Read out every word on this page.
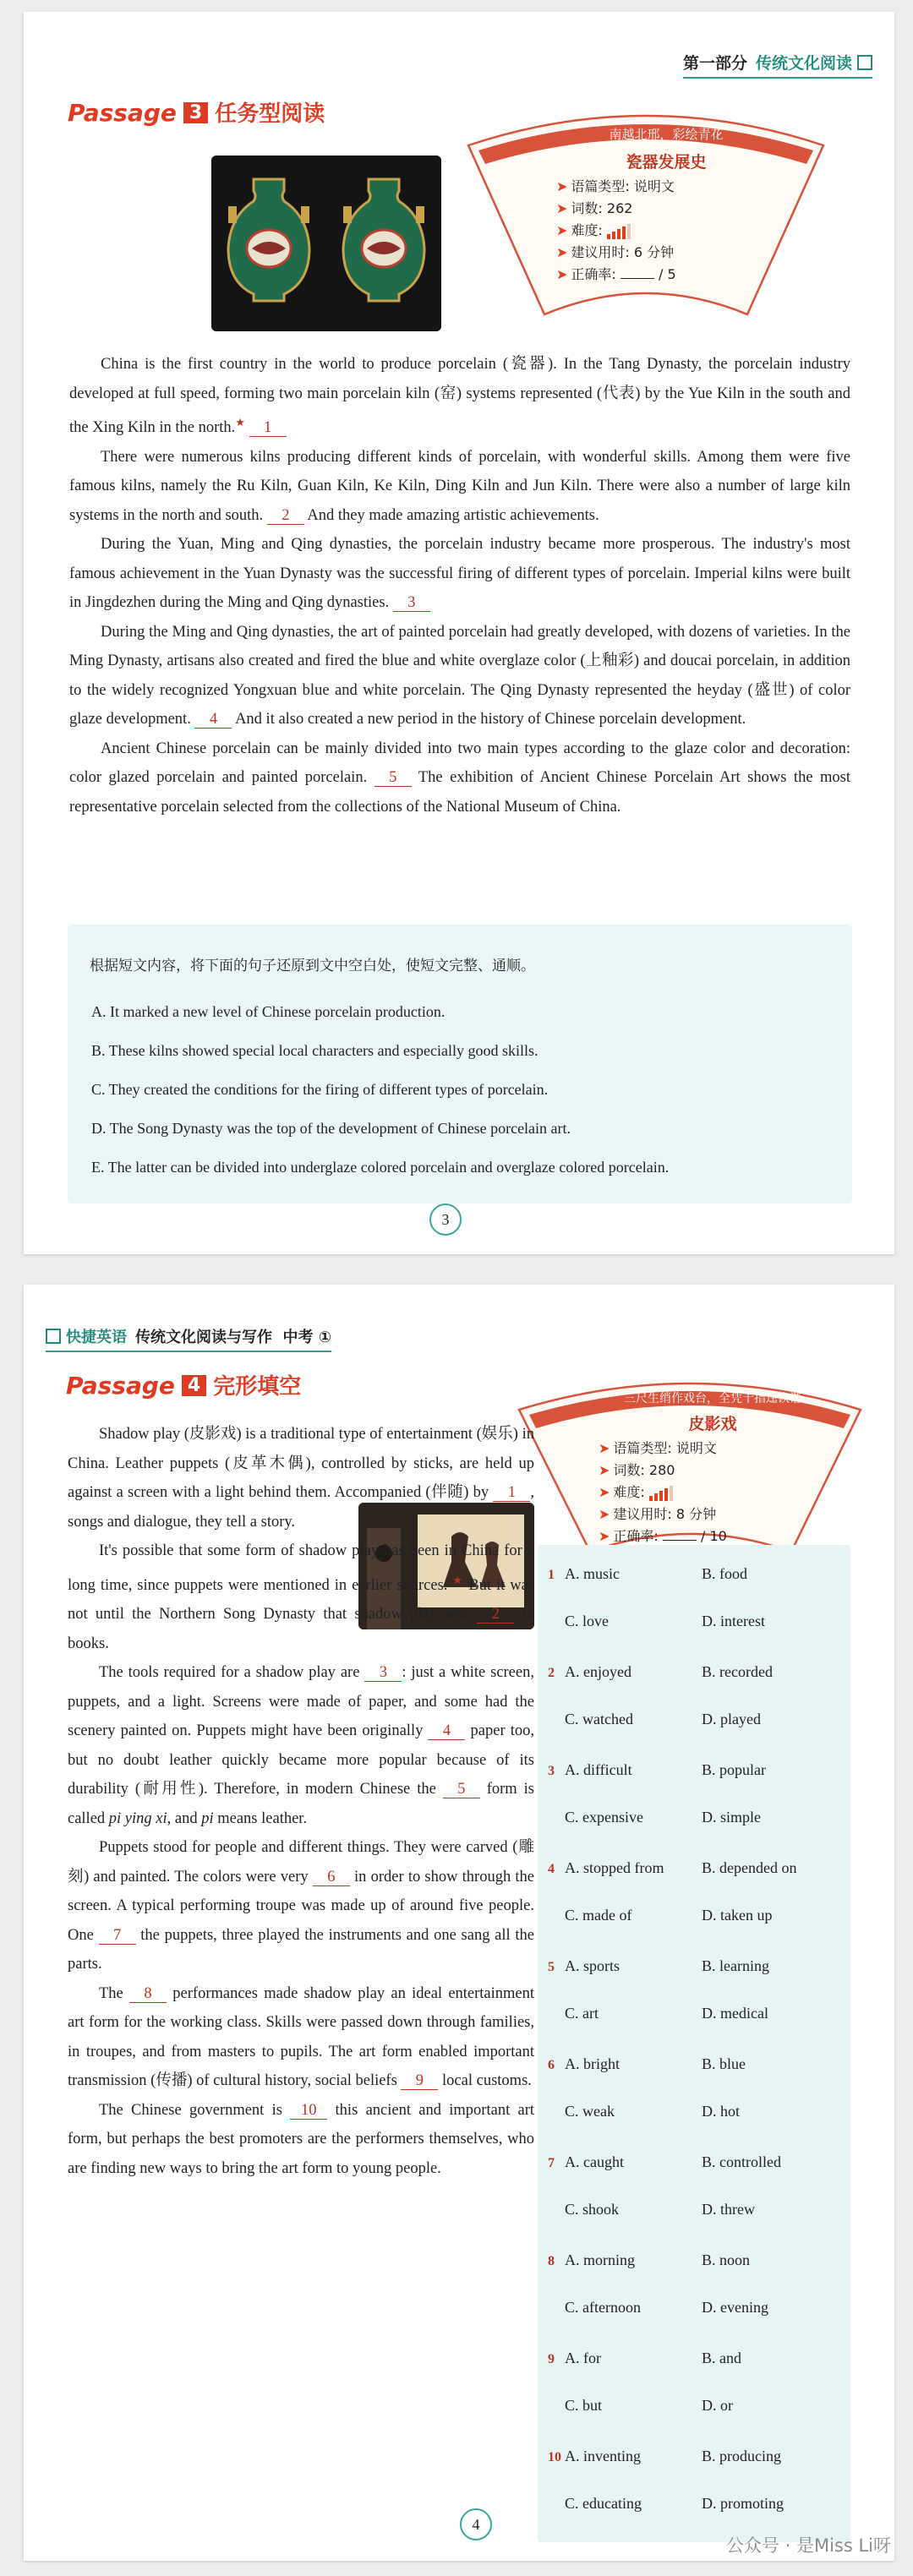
第一部分 传统文化阅读
Passage 3 任务型阅读
南越北邢，彩绘青花
瓷器发展史
➤ 语篇类型: 说明文
➤ 词数: 262
➤ 难度:
➤ 建议用时: 6 分钟
➤ 正确率:	/ 5

China is the first country in the world to produce porcelain (瓷器). In the Tang Dynasty, the porcelain industry developed at full speed, forming two main porcelain kiln (窑) systems represented (代表) by the Yue Kiln in the south and the Xing Kiln in the north.★ 1

There were numerous kilns producing different kinds of porcelain, with wonderful skills. Among them were five famous kilns, namely the Ru Kiln, Guan Kiln, Ke Kiln, Ding Kiln and Jun Kiln. There were also a number of large kiln systems in the north and south. 2 And they made amazing artistic achievements.

During the Yuan, Ming and Qing dynasties, the porcelain industry became more prosperous. The industry's most famous achievement in the Yuan Dynasty was the successful firing of different types of porcelain. Imperial kilns were built in Jingdezhen during the Ming and Qing dynasties. 3

During the Ming and Qing dynasties, the art of painted porcelain had greatly developed, with dozens of varieties. In the Ming Dynasty, artisans also created and fired the blue and white overglaze color (上釉彩) and doucai porcelain, in addition to the widely recognized Yongxuan blue and white porcelain. The Qing Dynasty represented the heyday (盛世) of color glaze development. 4 And it also created a new period in the history of Chinese porcelain development.

Ancient Chinese porcelain can be mainly divided into two main types according to the glaze color and decoration: color glazed porcelain and painted porcelain. 5 The exhibition of Ancient Chinese Porcelain Art shows the most representative porcelain selected from the collections of the National Museum of China.

根据短文内容，将下面的句子还原到文中空白处，使短文完整、通顺。
A. It marked a new level of Chinese porcelain production.
B. These kilns showed special local characters and especially good skills.
C. They created the conditions for the firing of different types of porcelain.
D. The Song Dynasty was the top of the development of Chinese porcelain art.
E. The latter can be divided into underglaze colored porcelain and overglaze colored porcelain.
3
快捷英语 传统文化阅读与写作 中考 ①
Passage 4 完形填空	三尺生绡作戏台，全凭十指逞诙谐
皮影戏
➤ 语篇类型: 说明文
➤ 词数: 280
➤ 难度:
➤ 建议用时: 8 分钟
➤ 正确率:	/ 10

Shadow play (皮影戏) is a traditional type of entertainment (娱乐) in China. Leather puppets (皮革木偶), controlled by sticks, are held up against a screen with a light behind them. Accompanied (伴随) by 1 , songs and dialogue, they tell a story.

It's possible that some form of shadow play has been in China for a long time, since puppets were mentioned in earlier sources. ★ But it was not until the Northern Song Dynasty that shadow play was 2 in books.

The tools required for a shadow play are 3 : just a white screen, puppets, and a light. Screens were made of paper, and some had the scenery painted on. Puppets might have been originally 4 paper too, but no doubt leather quickly became more popular because of its durability (耐用性). Therefore, in modern Chinese the 5 form is called pi ying xi, and pi means leather.

Puppets stood for people and different things. They were carved (雕刻) and painted. The colors were very 6 in order to show through the screen. A typical performing troupe was made up of around five people. One 7 the puppets, three played the instruments and one sang all the parts.

The 8 performances made shadow play an ideal entertainment art form for the working class. Skills were passed down through families, in troupes, and from masters to pupils. The art form enabled important transmission (传播) of cultural history, social beliefs 9 local customs.

The Chinese government is 10 this ancient and important art form, but perhaps the best promoters are the performers themselves, who are finding new ways to bring the art form to young people.

1 A. music	B. food
C. love	D. interest
2 A. enjoyed	B. recorded
C. watched	D. played
3 A. difficult	B. popular
C. expensive	D. simple
4 A. stopped from B. depended on
C. made of	D. taken up
5 A. sports	B. learning
C. art	D. medical
6 A. bright	B. blue
C. weak	D. hot
7 A. caught	B. controlled
C. shook	D. threw
8 A. morning	B. noon
C. afternoon	D. evening
9 A. for	B. and
C. but	D. or
10 A. inventing	B. producing
C. educating	D. promoting
4
公众号 · 是Miss Li呀
